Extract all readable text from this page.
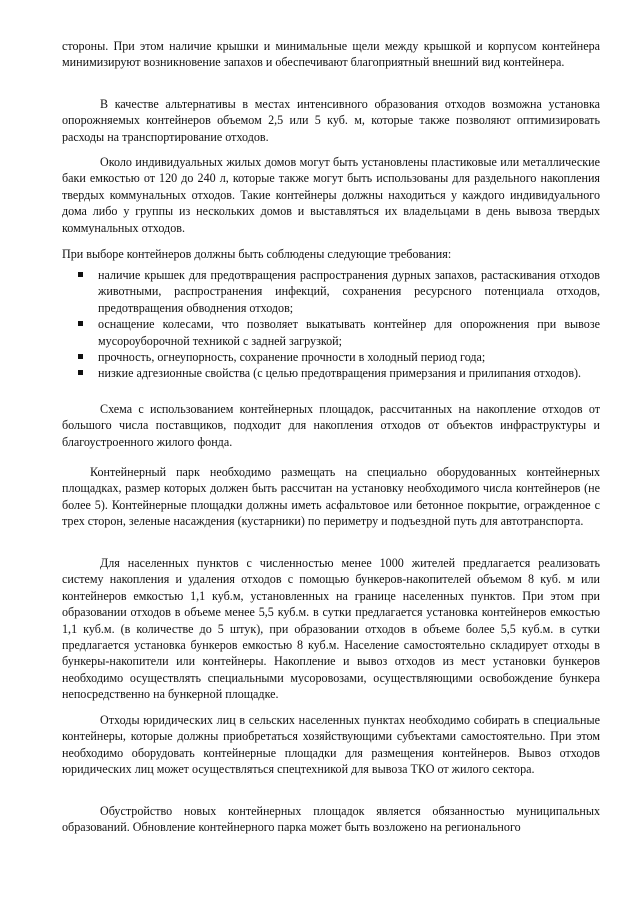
стороны. При этом наличие крышки и минимальные щели между крышкой и корпусом контейнера минимизируют возникновение запахов и обеспечивают благоприятный внешний вид контейнера.

В качестве альтернативы в местах интенсивного образования отходов возможна установка опорожняемых контейнеров объемом 2,5 или 5 куб. м, которые также позволяют оптимизировать расходы на транспортирование отходов.

Около индивидуальных жилых домов могут быть установлены пластиковые или металлические баки емкостью от 120 до 240 л, которые также могут быть использованы для раздельного накопления твердых коммунальных отходов. Такие контейнеры должны находиться у каждого индивидуального дома либо у группы из нескольких домов и выставляться их владельцами в день вывоза твердых коммунальных отходов.

При выборе контейнеров должны быть соблюдены следующие требования:

наличие крышек для предотвращения распространения дурных запахов, растаскивания отходов животными, распространения инфекций, сохранения ресурсного потенциала отходов, предотвращения обводнения отходов;
оснащение колесами, что позволяет выкатывать контейнер для опорожнения при вывозе мусороуборочной техникой с задней загрузкой;
прочность, огнеупорность, сохранение прочности в холодный период года;
низкие адгезионные свойства (с целью предотвращения примерзания и прилипания отходов).

Схема с использованием контейнерных площадок, рассчитанных на накопление отходов от большого числа поставщиков, подходит для накопления отходов от объектов инфраструктуры и благоустроенного жилого фонда.

Контейнерный парк необходимо размещать на специально оборудованных контейнерных площадках, размер которых должен быть рассчитан на установку необходимого числа контейнеров (не более 5). Контейнерные площадки должны иметь асфальтовое или бетонное покрытие, огражденное с трех сторон, зеленые насаждения (кустарники) по периметру и подъездной путь для автотранспорта.

Для населенных пунктов с численностью менее 1000 жителей предлагается реализовать систему накопления и удаления отходов с помощью бункеров-накопителей объемом 8 куб. м или контейнеров емкостью 1,1 куб.м, установленных на границе населенных пунктов. При этом при образовании отходов в объеме менее 5,5 куб.м. в сутки предлагается установка контейнеров емкостью 1,1 куб.м. (в количестве до 5 штук), при образовании отходов в объеме более 5,5 куб.м. в сутки предлагается установка бункеров емкостью 8 куб.м. Население самостоятельно складирует отходы в бункеры-накопители или контейнеры. Накопление и вывоз отходов из мест установки бункеров необходимо осуществлять специальными мусоровозами, осуществляющими освобождение бункера непосредственно на бункерной площадке.

Отходы юридических лиц в сельских населенных пунктах необходимо собирать в специальные контейнеры, которые должны приобретаться хозяйствующими субъектами самостоятельно. При этом необходимо оборудовать контейнерные площадки для размещения контейнеров. Вывоз отходов юридических лиц может осуществляться спецтехникой для вывоза ТКО от жилого сектора.

Обустройство новых контейнерных площадок является обязанностью муниципальных образований. Обновление контейнерного парка может быть возложено на регионального
